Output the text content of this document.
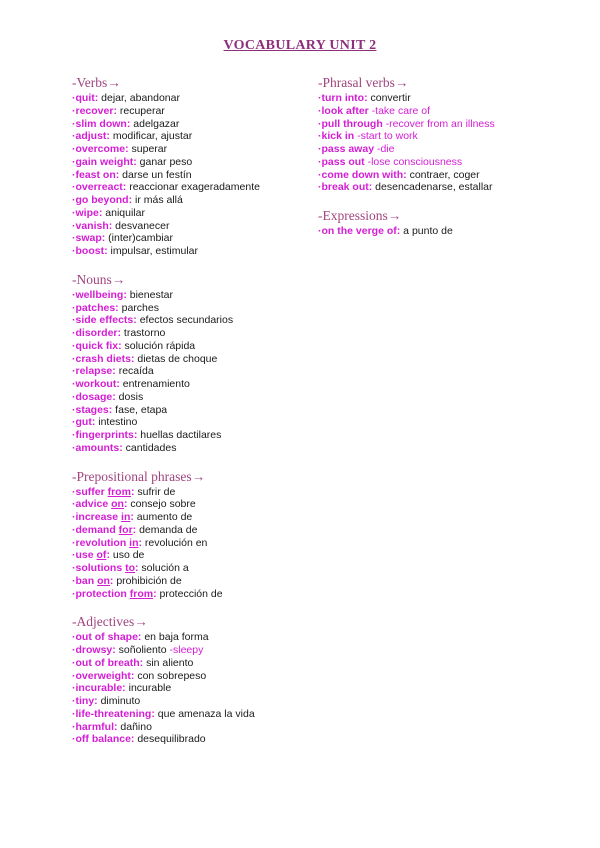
VOCABULARY UNIT 2
-Verbs→
·quit: dejar, abandonar
·recover: recuperar
·slim down: adelgazar
·adjust: modificar, ajustar
·overcome: superar
·gain weight: ganar peso
·feast on: darse un festín
·overreact: reaccionar exageradamente
·go beyond: ir más allá
·wipe: aniquilar
·vanish: desvanecer
·swap: (inter)cambiar
·boost: impulsar, estimular
-Nouns→
·wellbeing: bienestar
·patches: parches
·side effects: efectos secundarios
·disorder: trastorno
·quick fix: solución rápida
·crash diets: dietas de choque
·relapse: recaída
·workout: entrenamiento
·dosage: dosis
·stages: fase, etapa
·gut: intestino
·fingerprints: huellas dactilares
·amounts: cantidades
-Prepositional phrases→
·suffer from: sufrir de
·advice on: consejo sobre
·increase in: aumento de
·demand for: demanda de
·revolution in: revolución en
·use of: uso de
·solutions to: solución a
·ban on: prohibición de
·protection from: protección de
-Adjectives→
·out of shape: en baja forma
·drowsy: soñoliento -sleepy
·out of breath: sin aliento
·overweight: con sobrepeso
·incurable: incurable
·tiny: diminuto
·life-threatening: que amenaza la vida
·harmful: dañino
·off balance: desequilibrado
-Phrasal verbs→
·turn into: convertir
·look after -take care of
·pull through -recover from an illness
·kick in -start to work
·pass away -die
·pass out -lose consciousness
·come down with: contraer, coger
·break out: desencadenarse, estallar
-Expressions→
·on the verge of: a punto de
